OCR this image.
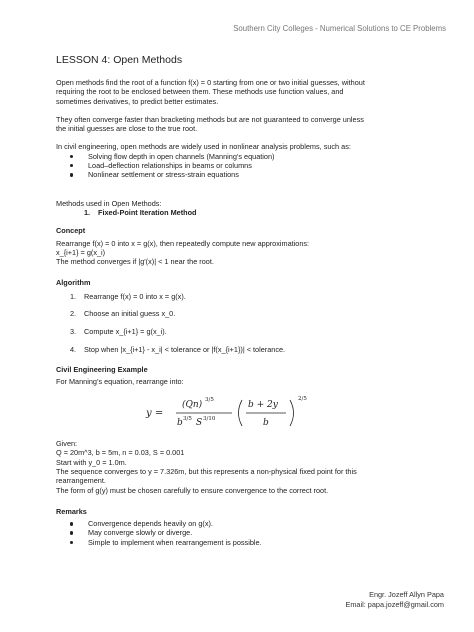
Southern City Colleges - Numerical Solutions to CE Problems
LESSON 4: Open Methods

Open methods find the root of a function f(x) = 0 starting from one or two initial guesses, without

requiring the root to be enclosed between them. These methods use function values, and

sometimes derivatives, to predict better estimates.

They often converge faster than bracketing methods but are not guaranteed to converge unless

the initial guesses are close to the true root.

In civil engineering, open methods are widely used in nonlinear analysis problems, such as:

Solving flow depth in open channels (Manning’s equation)
Load–deflection relationships in beams or columns
Nonlinear settlement or stress-strain equations

Methods used in Open Methods:

1. Fixed-Point Iteration Method

Concept

Rearrange f(x) = 0 into x = g(x), then repeatedly compute new approximations:

x_{i+1} = g(x_i)

The method converges if |g'(x)| < 1 near the root.

Algorithm

1. Rearrange f(x) = 0 into x = g(x).
2. Choose an initial guess x_0.
3. Compute x_{i+1} = g(x_i).
4. Stop when |x_{i+1} - x_i| < tolerance or |f(x_{i+1})| < tolerance.

Civil Engineering Example

For Manning’s equation, rearrange into:

y =
(Qn) 3/5
b 3/5 S 3/10
b + 2y
b
2/5

Given:

Q = 20m^3, b = 5m, n = 0.03, S = 0.001

Start with y_0 = 1.0m.

The sequence converges to y = 7.326m, but this represents a non-physical fixed point for this

rearrangement.

The form of g(y) must be chosen carefully to ensure convergence to the correct root.

Remarks

Convergence depends heavily on g(x).
May converge slowly or diverge.
Simple to implement when rearrangement is possible.
Engr. Jozeff Allyn Papa
Email: papa.jozeff@gmail.com
